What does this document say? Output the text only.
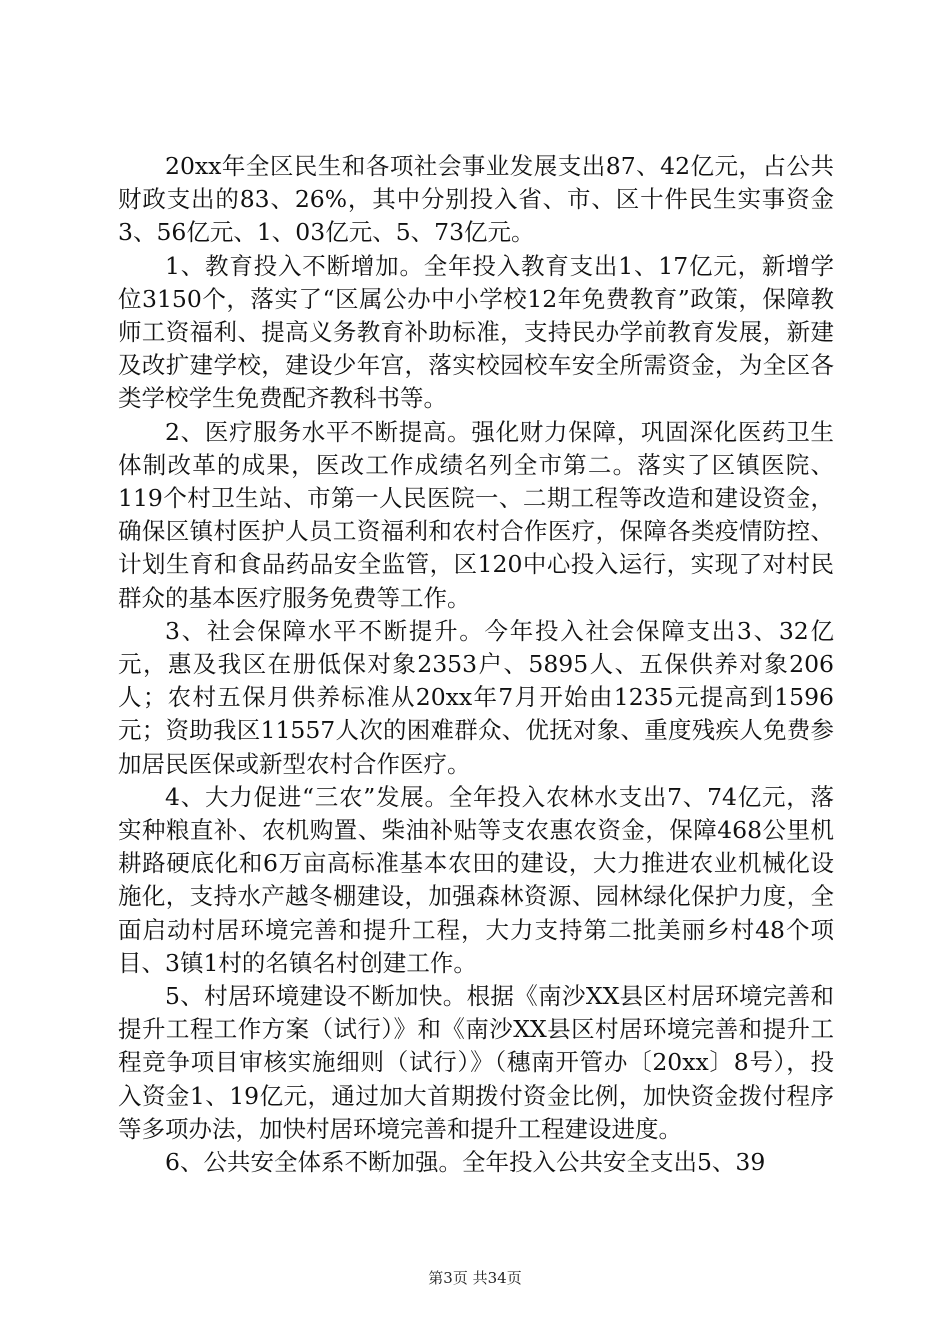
20xx年全区民生和各项社会事业发展支出87、42亿元，占公共财政支出的83、26%，其中分别投入省、市、区十件民生实事资金3、56亿元、1、03亿元、5、73亿元。

1、教育投入不断增加。全年投入教育支出1、17亿元，新增学位3150个，落实了“区属公办中小学校12年免费教育”政策，保障教师工资福利、提高义务教育补助标准，支持民办学前教育发展，新建及改扩建学校，建设少年宫，落实校园校车安全所需资金，为全区各类学校学生免费配齐教科书等。

2、医疗服务水平不断提高。强化财力保障，巩固深化医药卫生体制改革的成果，医改工作成绩名列全市第二。落实了区镇医院、119个村卫生站、市第一人民医院一、二期工程等改造和建设资金，确保区镇村医护人员工资福利和农村合作医疗，保障各类疫情防控、计划生育和食品药品安全监管，区120中心投入运行，实现了对村民群众的基本医疗服务免费等工作。

3、社会保障水平不断提升。今年投入社会保障支出3、32亿元，惠及我区在册低保对象2353户、5895人、五保供养对象206人；农村五保月供养标准从20xx年7月开始由1235元提高到1596元；资助我区11557人次的困难群众、优抚对象、重度残疾人免费参加居民医保或新型农村合作医疗。

4、大力促进“三农”发展。全年投入农林水支出7、74亿元，落实种粮直补、农机购置、柴油补贴等支农惠农资金，保障468公里机耕路硬底化和6万亩高标准基本农田的建设，大力推进农业机械化设施化，支持水产越冬棚建设，加强森林资源、园林绿化保护力度，全面启动村居环境完善和提升工程，大力支持第二批美丽乡村48个项目、3镇1村的名镇名村创建工作。

5、村居环境建设不断加快。根据《南沙XX县区村居环境完善和提升工程工作方案（试行）》和《南沙XX县区村居环境完善和提升工程竞争项目审核实施细则（试行）》（穗南开管办〔20xx〕8号），投入资金1、19亿元，通过加大首期拨付资金比例，加快资金拨付程序等多项办法，加快村居环境完善和提升工程建设进度。

6、公共安全体系不断加强。全年投入公共安全支出5、39

第3页 共34页
